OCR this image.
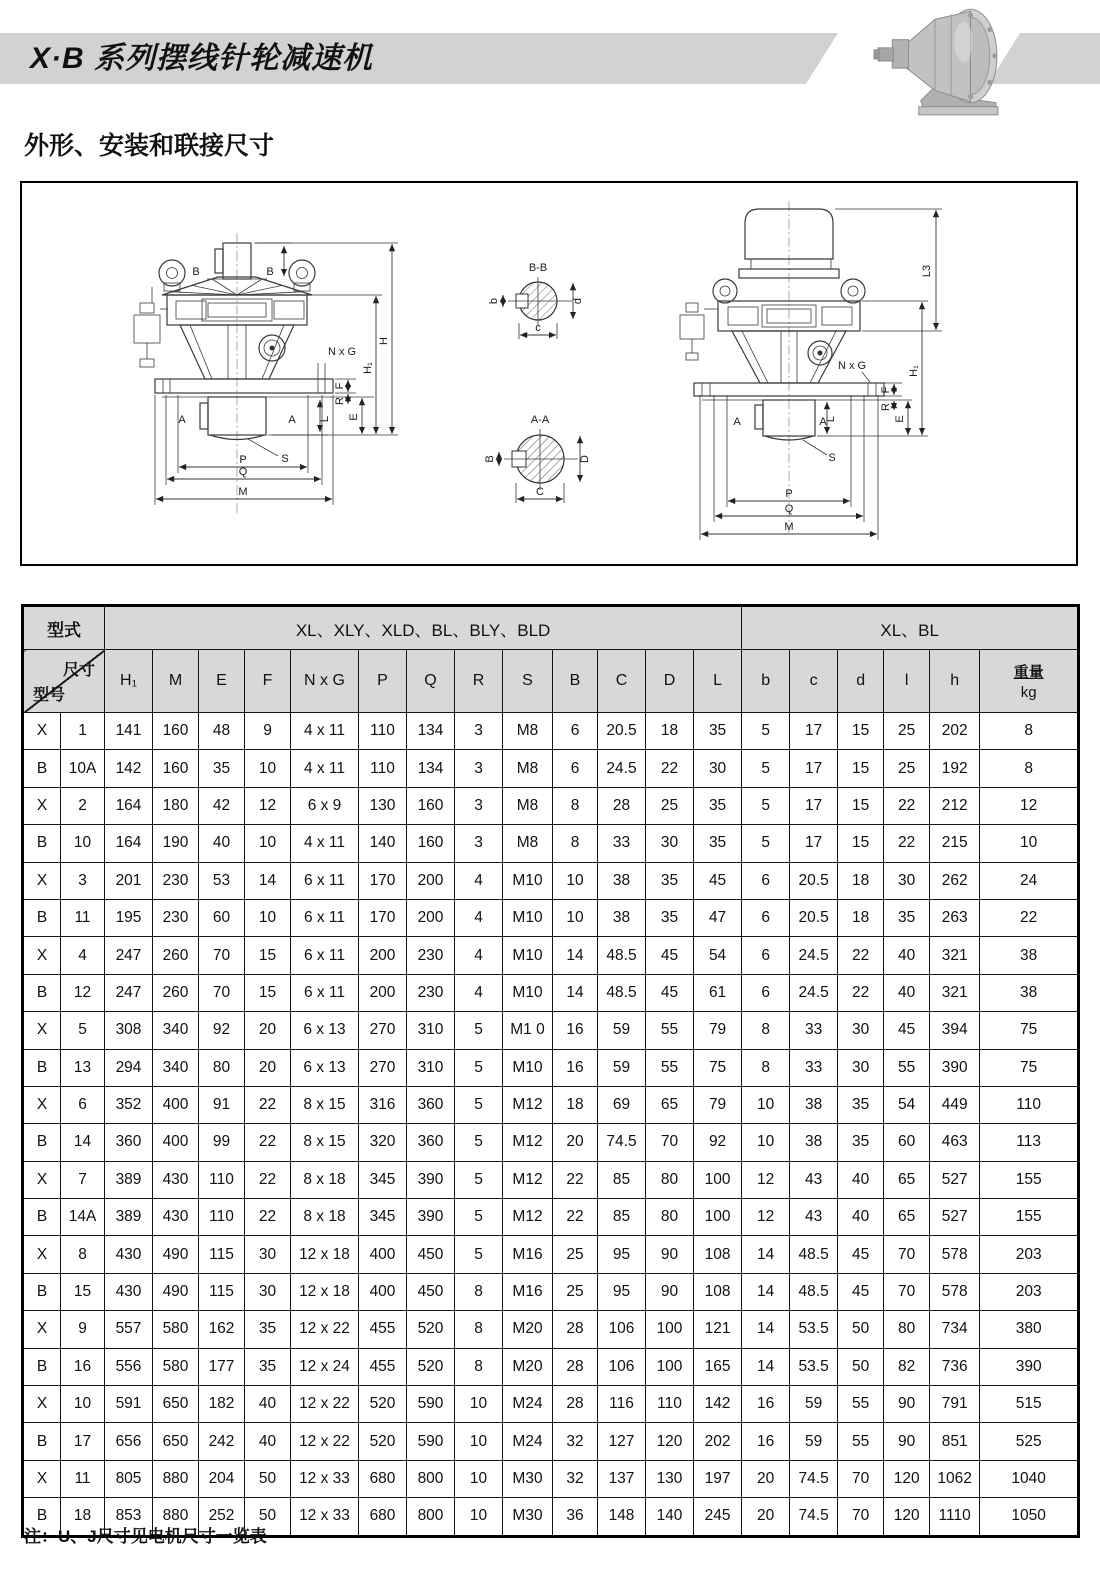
X·B 系列摆线针轮减速机
外形、安装和联接尺寸
B	B
A	A L
S
N x G
F
R
E
H₁
H
P
Q
M
B-B
b	d
c
A-A
B	D
C
A	A
L
S
N x G
F
R
E
H₁
L3
P
Q
M
型式		XL、XLY、XLD、BL、BLY、BLD													XL、BL					

尺寸
型号		H₁	M	E	F	N x G	P	Q	R	S	B	C	D	L	b	c	d	l	h	重量
kg

X	1	141	160	48	9	4 x 11	110	134	3	M8	6	20.5	18	35	5	17	15	25	202	8
B	10A	142	160	35	10	4 x 11	110	134	3	M8	6	24.5	22	30	5	17	15	25	192	8
X	2	164	180	42	12	6 x 9	130	160	3	M8	8	28	25	35	5	17	15	22	212	12
B	10	164	190	40	10	4 x 11	140	160	3	M8	8	33	30	35	5	17	15	22	215	10
X	3	201	230	53	14	6 x 11	170	200	4	M10	10	38	35	45	6	20.5	18	30	262	24
B	11	195	230	60	10	6 x 11	170	200	4	M10	10	38	35	47	6	20.5	18	35	263	22
X	4	247	260	70	15	6 x 11	200	230	4	M10	14	48.5	45	54	6	24.5	22	40	321	38
B	12	247	260	70	15	6 x 11	200	230	4	M10	14	48.5	45	61	6	24.5	22	40	321	38
X	5	308	340	92	20	6 x 13	270	310	5	M1 0	16	59	55	79	8	33	30	45	394	75
B	13	294	340	80	20	6 x 13	270	310	5	M10	16	59	55	75	8	33	30	55	390	75
X	6	352	400	91	22	8 x 15	316	360	5	M12	18	69	65	79	10	38	35	54	449	110
B	14	360	400	99	22	8 x 15	320	360	5	M12	20	74.5	70	92	10	38	35	60	463	113
X	7	389	430	110	22	8 x 18	345	390	5	M12	22	85	80	100	12	43	40	65	527	155
B	14A	389	430	110	22	8 x 18	345	390	5	M12	22	85	80	100	12	43	40	65	527	155
X	8	430	490	115	30	12 x 18	400	450	5	M16	25	95	90	108	14	48.5	45	70	578	203
B	15	430	490	115	30	12 x 18	400	450	8	M16	25	95	90	108	14	48.5	45	70	578	203
X	9	557	580	162	35	12 x 22	455	520	8	M20	28	106	100	121	14	53.5	50	80	734	380
B	16	556	580	177	35	12 x 24	455	520	8	M20	28	106	100	165	14	53.5	50	82	736	390
X	10	591	650	182	40	12 x 22	520	590	10	M24	28	116	110	142	16	59	55	90	791	515
B	17	656	650	242	40	12 x 22	520	590	10	M24	32	127	120	202	16	59	55	90	851	525
X	11	805	880	204	50	12 x 33	680	800	10	M30	32	137	130	197	20	74.5	70	120	1062	1040
B	18	853	880	252	50	12 x 33	680	800	10	M30	36	148	140	245	20	74.5	70	120	1110	1050
注：U、J尺寸见电机尺寸一览表
